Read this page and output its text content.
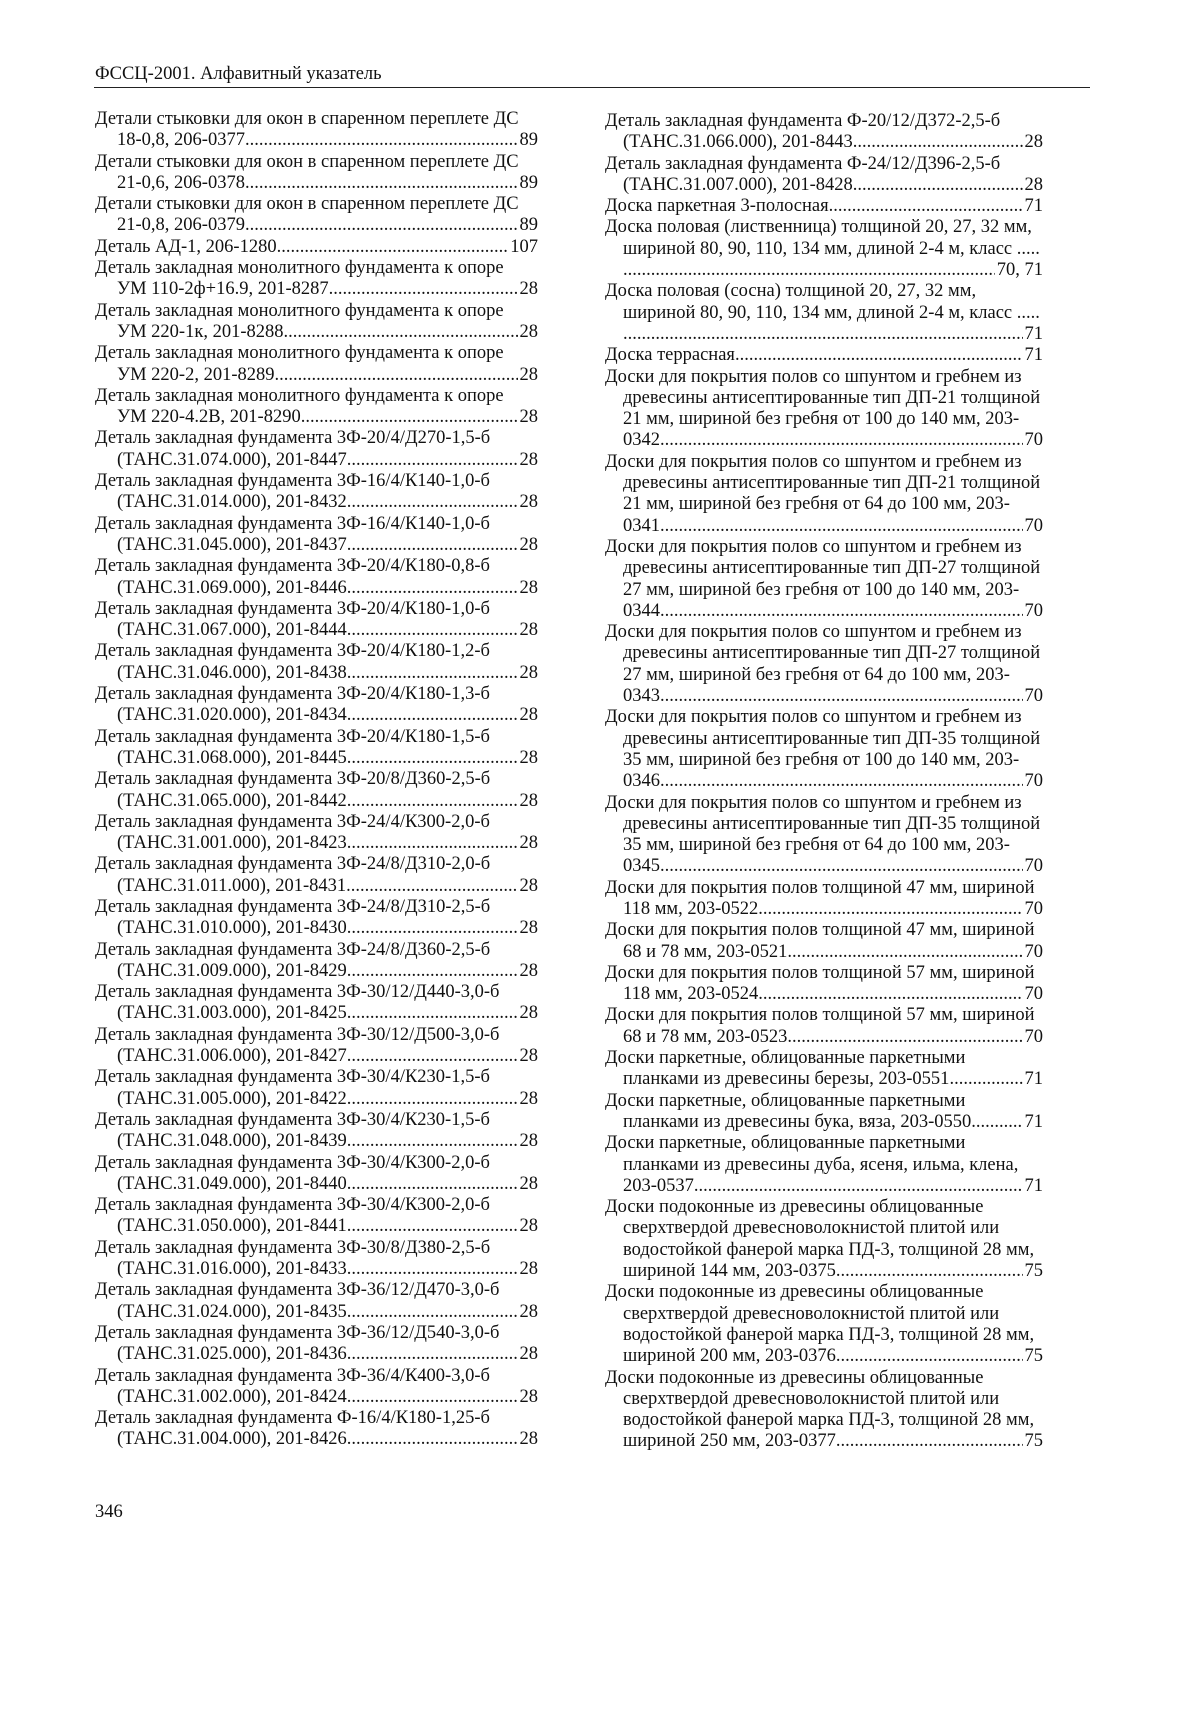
ФССЦ-2001. Алфавитный указатель
Детали стыковки для окон в спаренном переплете ДС
18-0,8, 206-0377 .....	89
Детали стыковки для окон в спаренном переплете ДС
21-0,6, 206-0378 .....	89
Детали стыковки для окон в спаренном переплете ДС
21-0,8, 206-0379 .....	89
Деталь АД-1, 206-1280 .....	107
Деталь закладная монолитного фундамента к опоре
УМ 110-2ф+16.9, 201-8287 .....	28
Деталь закладная монолитного фундамента к опоре
УМ 220-1к, 201-8288 .....	28
Деталь закладная монолитного фундамента к опоре
УМ 220-2, 201-8289 .....	28
Деталь закладная монолитного фундамента к опоре
УМ 220-4.2В, 201-8290 .....	28
Деталь закладная фундамента 3Ф-20/4/Д270-1,5-б
(ТАНС.31.074.000), 201-8447 .....	28
Деталь закладная фундамента 3Ф-16/4/К140-1,0-б
(ТАНС.31.014.000), 201-8432 .....	28
Деталь закладная фундамента 3Ф-16/4/К140-1,0-б
(ТАНС.31.045.000), 201-8437 .....	28
Деталь закладная фундамента 3Ф-20/4/К180-0,8-б
(ТАНС.31.069.000), 201-8446 .....	28
Деталь закладная фундамента 3Ф-20/4/К180-1,0-б
(ТАНС.31.067.000), 201-8444 .....	28
Деталь закладная фундамента 3Ф-20/4/К180-1,2-б
(ТАНС.31.046.000), 201-8438 .....	28
Деталь закладная фундамента 3Ф-20/4/К180-1,3-б
(ТАНС.31.020.000), 201-8434 .....	28
Деталь закладная фундамента 3Ф-20/4/К180-1,5-б
(ТАНС.31.068.000), 201-8445 .....	28
Деталь закладная фундамента 3Ф-20/8/Д360-2,5-б
(ТАНС.31.065.000), 201-8442 .....	28
Деталь закладная фундамента 3Ф-24/4/К300-2,0-б
(ТАНС.31.001.000), 201-8423 .....	28
Деталь закладная фундамента 3Ф-24/8/Д310-2,0-б
(ТАНС.31.011.000), 201-8431 .....	28
Деталь закладная фундамента 3Ф-24/8/Д310-2,5-б
(ТАНС.31.010.000), 201-8430 .....	28
Деталь закладная фундамента 3Ф-24/8/Д360-2,5-б
(ТАНС.31.009.000), 201-8429 .....	28
Деталь закладная фундамента 3Ф-30/12/Д440-3,0-б
(ТАНС.31.003.000), 201-8425 .....	28
Деталь закладная фундамента 3Ф-30/12/Д500-3,0-б
(ТАНС.31.006.000), 201-8427 .....	28
Деталь закладная фундамента 3Ф-30/4/К230-1,5-б
(ТАНС.31.005.000), 201-8422 .....	28
Деталь закладная фундамента 3Ф-30/4/К230-1,5-б
(ТАНС.31.048.000), 201-8439 .....	28
Деталь закладная фундамента 3Ф-30/4/К300-2,0-б
(ТАНС.31.049.000), 201-8440 .....	28
Деталь закладная фундамента 3Ф-30/4/К300-2,0-б
(ТАНС.31.050.000), 201-8441 .....	28
Деталь закладная фундамента 3Ф-30/8/Д380-2,5-б
(ТАНС.31.016.000), 201-8433 .....	28
Деталь закладная фундамента 3Ф-36/12/Д470-3,0-б
(ТАНС.31.024.000), 201-8435 .....	28
Деталь закладная фундамента 3Ф-36/12/Д540-3,0-б
(ТАНС.31.025.000), 201-8436 .....	28
Деталь закладная фундамента 3Ф-36/4/К400-3,0-б
(ТАНС.31.002.000), 201-8424 .....	28
Деталь закладная фундамента Ф-16/4/К180-1,25-б
(ТАНС.31.004.000), 201-8426 .....	28
Деталь закладная фундамента Ф-20/12/Д372-2,5-б
(ТАНС.31.066.000), 201-8443 .....	28
Деталь закладная фундамента Ф-24/12/Д396-2,5-б
(ТАНС.31.007.000), 201-8428 .....	28
Доска паркетная 3-полосная .....	71
Доска половая (лиственница) толщиной 20, 27, 32 мм,
шириной 80, 90, 110, 134 мм, длиной 2-4 м, класс .....
.....
70, 71
Доска половая (сосна) толщиной 20, 27, 32 мм,
шириной 80, 90, 110, 134 мм, длиной 2-4 м, класс .....
.....
71
Доска террасная .....	71
Доски для покрытия полов со шпунтом и гребнем из
древесины антисептированные тип ДП-21 толщиной
21 мм, шириной без гребня от 100 до 140 мм, 203-
0342 .....	70
Доски для покрытия полов со шпунтом и гребнем из
древесины антисептированные тип ДП-21 толщиной
21 мм, шириной без гребня от 64 до 100 мм, 203-
0341 .....	70
Доски для покрытия полов со шпунтом и гребнем из
древесины антисептированные тип ДП-27 толщиной
27 мм, шириной без гребня от 100 до 140 мм, 203-
0344 .....	70
Доски для покрытия полов со шпунтом и гребнем из
древесины антисептированные тип ДП-27 толщиной
27 мм, шириной без гребня от 64 до 100 мм, 203-
0343 .....	70
Доски для покрытия полов со шпунтом и гребнем из
древесины антисептированные тип ДП-35 толщиной
35 мм, шириной без гребня от 100 до 140 мм, 203-
0346 .....	70
Доски для покрытия полов со шпунтом и гребнем из
древесины антисептированные тип ДП-35 толщиной
35 мм, шириной без гребня от 64 до 100 мм, 203-
0345 .....	70
Доски для покрытия полов толщиной 47 мм, шириной
118 мм, 203-0522 .....	70
Доски для покрытия полов толщиной 47 мм, шириной
68 и 78 мм, 203-0521 .....	70
Доски для покрытия полов толщиной 57 мм, шириной
118 мм, 203-0524 .....	70
Доски для покрытия полов толщиной 57 мм, шириной
68 и 78 мм, 203-0523 .....	70
Доски паркетные, облицованные паркетными
планками из древесины березы, 203-0551 .....	71
Доски паркетные, облицованные паркетными
планками из древесины бука, вяза, 203-0550 .....	71
Доски паркетные, облицованные паркетными
планками из древесины дуба, ясеня, ильма, клена,
203-0537 .....	71
Доски подоконные из древесины облицованные
сверхтвердой древесноволокнистой плитой или
водостойкой фанерой марка ПД-3, толщиной 28 мм,
шириной 144 мм, 203-0375 .....	75
Доски подоконные из древесины облицованные
сверхтвердой древесноволокнистой плитой или
водостойкой фанерой марка ПД-3, толщиной 28 мм,
шириной 200 мм, 203-0376 .....	75
Доски подоконные из древесины облицованные
сверхтвердой древесноволокнистой плитой или
водостойкой фанерой марка ПД-3, толщиной 28 мм,
шириной 250 мм, 203-0377 .....	75
346
